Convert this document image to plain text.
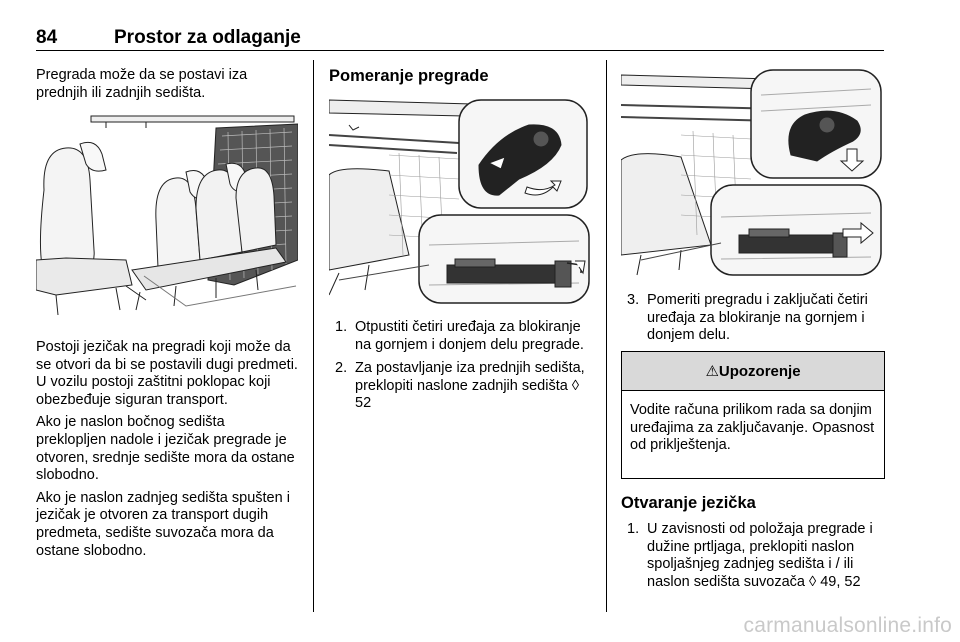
84	Prostor za odlaganje
Pregrada može da se postavi iza prednjih ili zadnjih sedišta.
Postoji jezičak na pregradi koji može da se otvori da bi se postavili dugi predmeti. U vozilu postoji zaštitni poklopac koji obezbeđuje siguran transport.
Ako je naslon bočnog sedišta preklopljen nadole i jezičak pregrade je otvoren, srednje sedište mora da ostane slobodno.
Ako je naslon zadnjeg sedišta spušten i jezičak je otvoren za transport dugih predmeta, sedište suvozača mora da ostane slobodno.
Pomeranje pregrade
1. Otpustiti četiri uređaja za blokiranje na gornjem i donjem delu pregrade.
2. Za postavljanje iza prednjih sedišta, preklopiti naslone zadnjih sedišta ◊ 52
3. Pomeriti pregradu i zaključati četiri uređaja za blokiranje na gornjem i donjem delu.
⚠Upozorenje
Vodite računa prilikom rada sa donjim uređajima za zaključavanje. Opasnost od priklještenja.
Otvaranje jezička
1. U zavisnosti od položaja pregrade i dužine prtljaga, preklopiti naslon spoljašnjeg zadnjeg sedišta i / ili naslon sedišta suvozača ◊ 49, 52
carmanualsonline.info
